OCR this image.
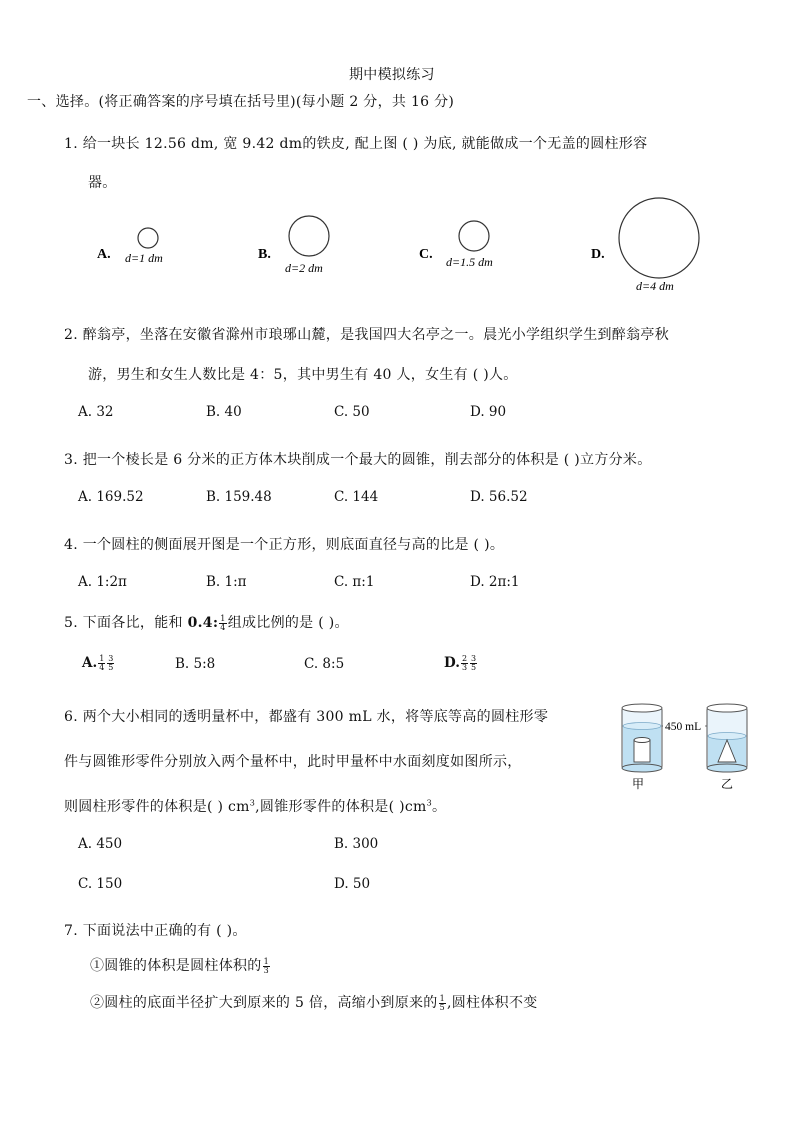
期中模拟练习
一、选择。(将正确答案的序号填在括号里)(每小题 2 分，共 16 分)
1. 给一块长 12.56 dm, 宽 9.42 dm的铁皮, 配上图 ( ) 为底, 就能做成一个无盖的圆柱形容
器。
A. d=1 dm	B.
d=2 dm
C. d=1.5 dm	D.
d=4 dm
2. 醉翁亭，坐落在安徽省滁州市琅琊山麓，是我国四大名亭之一。晨光小学组织学生到醉翁亭秋
游，男生和女生人数比是 4：5，其中男生有 40 人，女生有 ( )人。
A. 32	B. 40	C. 50	D. 90
3. 把一个棱长是 6 分米的正方体木块削成一个最大的圆锥，削去部分的体积是 ( )立方分米。
A. 169.52	B. 159.48	C. 144	D. 56.52
4. 一个圆柱的侧面展开图是一个正方形，则底面直径与高的比是 ( )。
A. 1:2π	B. 1:π	C. π:1	D. 2π:1
5. 下面各比，能和 0.4: $\frac{1}{4}$ 组成比例的是 ( )。
A. $\frac{1}{4} \frac{3}{5}$	B. 5:8	C. 8:5	D. $\frac{2}{3} \frac{3}{5}$
6. 两个大小相同的透明量杯中，都盛有 300 mL 水，将等底等高的圆柱形零
件与圆锥形零件分别放入两个量杯中，此时甲量杯中水面刻度如图所示，
则圆柱形零件的体积是( ) $cm^3$,圆锥形零件的体积是( )$cm^3$。
450 mL
甲	乙
A. 450	B. 300
C. 150	D. 50
7. 下面说法中正确的有 ( )。
①圆锥的体积是圆柱体积的 $\frac{1}{3}$
②圆柱的底面半径扩大到原来的 5 倍，高缩小到原来的 $\frac{1}{5}$ ,圆柱体积不变
